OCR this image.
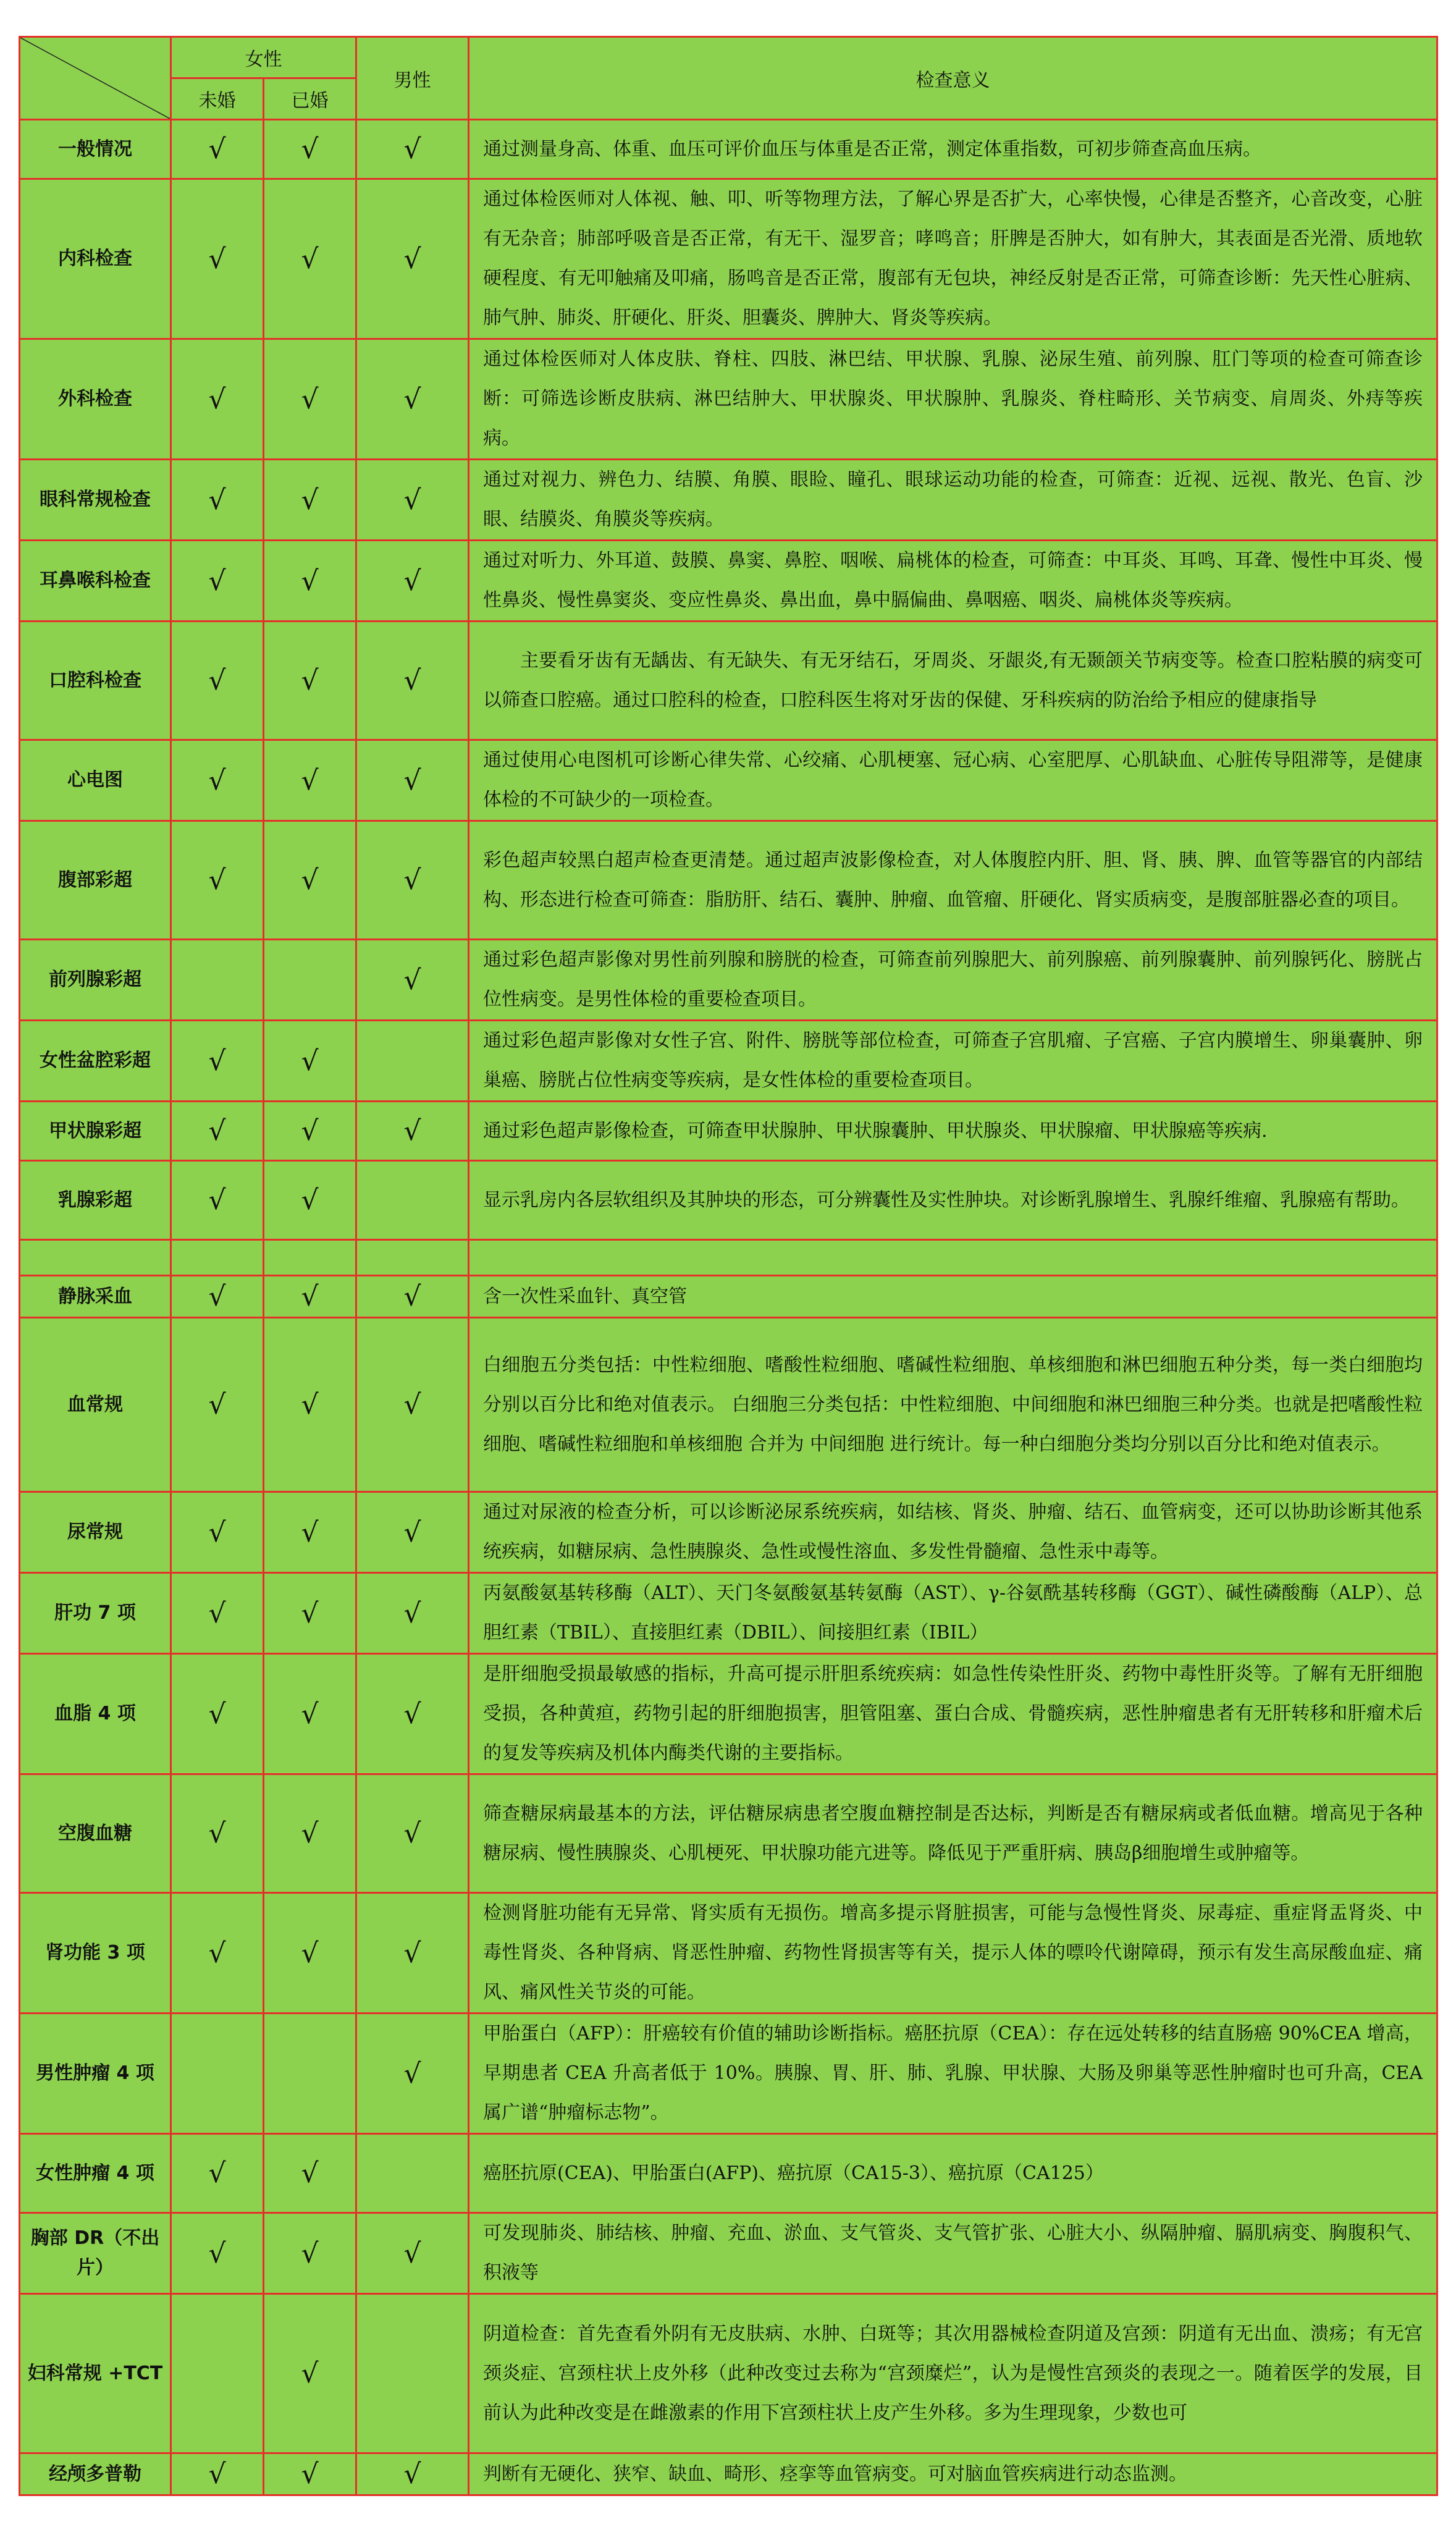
	女性		男性	检查意义
	未婚	已婚		
一般情况	√	√	√	通过测量身高、体重、血压可评价血压与体重是否正常，测定体重指数，可初步筛查高血压病。
内科检查	√	√	√	通过体检医师对人体视、触、叩、听等物理方法，了解心界是否扩大，心率快慢，心律是否整齐，心音改变，心脏有无杂音；肺部呼吸音是否正常，有无干、湿罗音；哮鸣音；肝脾是否肿大，如有肿大，其表面是否光滑、质地软硬程度、有无叩触痛及叩痛，肠鸣音是否正常，腹部有无包块，神经反射是否正常，可筛查诊断：先天性心脏病、肺气肿、肺炎、肝硬化、肝炎、胆囊炎、脾肿大、肾炎等疾病。
外科检查	√	√	√	通过体检医师对人体皮肤、脊柱、四肢、淋巴结、甲状腺、乳腺、泌尿生殖、前列腺、肛门等项的检查可筛查诊断：可筛选诊断皮肤病、淋巴结肿大、甲状腺炎、甲状腺肿、乳腺炎、脊柱畸形、关节病变、肩周炎、外痔等疾病。
眼科常规检查	√	√	√	通过对视力、辨色力、结膜、角膜、眼睑、瞳孔、眼球运动功能的检查，可筛查：近视、远视、散光、色盲、沙眼、结膜炎、角膜炎等疾病。
耳鼻喉科检查	√	√	√	通过对听力、外耳道、鼓膜、鼻窦、鼻腔、咽喉、扁桃体的检查，可筛查：中耳炎、耳鸣、耳聋、慢性中耳炎、慢性鼻炎、慢性鼻窦炎、变应性鼻炎、鼻出血，鼻中膈偏曲、鼻咽癌、咽炎、扁桃体炎等疾病。
口腔科检查	√	√	√	主要看牙齿有无龋齿、有无缺失、有无牙结石，牙周炎、牙龈炎,有无颞颌关节病变等。检查口腔粘膜的病变可以筛查口腔癌。通过口腔科的检查，口腔科医生将对牙齿的保健、牙科疾病的防治给予相应的健康指导
心电图	√	√	√	通过使用心电图机可诊断心律失常、心绞痛、心肌梗塞、冠心病、心室肥厚、心肌缺血、心脏传导阻滞等，是健康体检的不可缺少的一项检查。
腹部彩超	√	√	√	彩色超声较黑白超声检查更清楚。通过超声波影像检查，对人体腹腔内肝、胆、肾、胰、脾、血管等器官的内部结构、形态进行检查可筛查：脂肪肝、结石、囊肿、肿瘤、血管瘤、肝硬化、肾实质病变，是腹部脏器必查的项目。
前列腺彩超			√	通过彩色超声影像对男性前列腺和膀胱的检查，可筛查前列腺肥大、前列腺癌、前列腺囊肿、前列腺钙化、膀胱占位性病变。是男性体检的重要检查项目。
女性盆腔彩超	√	√		通过彩色超声影像对女性子宫、附件、膀胱等部位检查，可筛查子宫肌瘤、子宫癌、子宫内膜增生、卵巢囊肿、卵巢癌、膀胱占位性病变等疾病，是女性体检的重要检查项目。
甲状腺彩超	√	√	√	通过彩色超声影像检查，可筛查甲状腺肿、甲状腺囊肿、甲状腺炎、甲状腺瘤、甲状腺癌等疾病.
乳腺彩超	√	√		显示乳房内各层软组织及其肿块的形态，可分辨囊性及实性肿块。对诊断乳腺增生、乳腺纤维瘤、乳腺癌有帮助。

静脉采血	√	√	√	含一次性采血针、真空管
血常规	√	√	√	白细胞五分类包括：中性粒细胞、嗜酸性粒细胞、嗜碱性粒细胞、单核细胞和淋巴细胞五种分类，每一类白细胞均分别以百分比和绝对值表示。 白细胞三分类包括：中性粒细胞、中间细胞和淋巴细胞三种分类。也就是把嗜酸性粒细胞、嗜碱性粒细胞和单核细胞 合并为 中间细胞 进行统计。每一种白细胞分类均分别以百分比和绝对值表示。
尿常规	√	√	√	通过对尿液的检查分析，可以诊断泌尿系统疾病，如结核、肾炎、肿瘤、结石、血管病变，还可以协助诊断其他系统疾病，如糖尿病、急性胰腺炎、急性或慢性溶血、多发性骨髓瘤、急性汞中毒等。
肝功 7 项	√	√	√	丙氨酸氨基转移酶（ALT）、天门冬氨酸氨基转氨酶（AST）、γ-谷氨酰基转移酶（GGT）、碱性磷酸酶（ALP）、总胆红素（TBIL）、直接胆红素（DBIL）、间接胆红素（IBIL）
血脂 4 项	√	√	√	是肝细胞受损最敏感的指标，升高可提示肝胆系统疾病：如急性传染性肝炎、药物中毒性肝炎等。了解有无肝细胞受损，各种黄疸，药物引起的肝细胞损害，胆管阻塞、蛋白合成、骨髓疾病，恶性肿瘤患者有无肝转移和肝瘤术后的复发等疾病及机体内酶类代谢的主要指标。
空腹血糖	√	√	√	筛查糖尿病最基本的方法，评估糖尿病患者空腹血糖控制是否达标，判断是否有糖尿病或者低血糖。增高见于各种糖尿病、慢性胰腺炎、心肌梗死、甲状腺功能亢进等。降低见于严重肝病、胰岛β细胞增生或肿瘤等。
肾功能 3 项	√	√	√	检测肾脏功能有无异常、肾实质有无损伤。增高多提示肾脏损害，可能与急慢性肾炎、尿毒症、重症肾盂肾炎、中毒性肾炎、各种肾病、肾恶性肿瘤、药物性肾损害等有关，提示人体的嘌呤代谢障碍，预示有发生高尿酸血症、痛风、痛风性关节炎的可能。
男性肿瘤 4 项			√	甲胎蛋白（AFP）：肝癌较有价值的辅助诊断指标。癌胚抗原（CEA）：存在远处转移的结直肠癌 90%CEA 增高，早期患者 CEA 升高者低于 10%。胰腺、胃、肝、肺、乳腺、甲状腺、大肠及卵巢等恶性肿瘤时也可升高，CEA 属广谱“肿瘤标志物”。
女性肿瘤 4 项	√	√		癌胚抗原(CEA)、甲胎蛋白(AFP)、癌抗原（CA15-3）、癌抗原（CA125）
胸部 DR（不出片）	√	√	√	可发现肺炎、肺结核、肿瘤、充血、淤血、支气管炎、支气管扩张、心脏大小、纵隔肿瘤、膈肌病变、胸腹积气、积液等
妇科常规 +TCT		√		阴道检查：首先查看外阴有无皮肤病、水肿、白斑等；其次用器械检查阴道及宫颈：阴道有无出血、溃疡；有无宫颈炎症、宫颈柱状上皮外移（此种改变过去称为“宫颈糜烂”，认为是慢性宫颈炎的表现之一。随着医学的发展，目前认为此种改变是在雌激素的作用下宫颈柱状上皮产生外移。多为生理现象，少数也可
经颅多普勒	√	√	√	判断有无硬化、狭窄、缺血、畸形、痉挛等血管病变。可对脑血管疾病进行动态监测。
